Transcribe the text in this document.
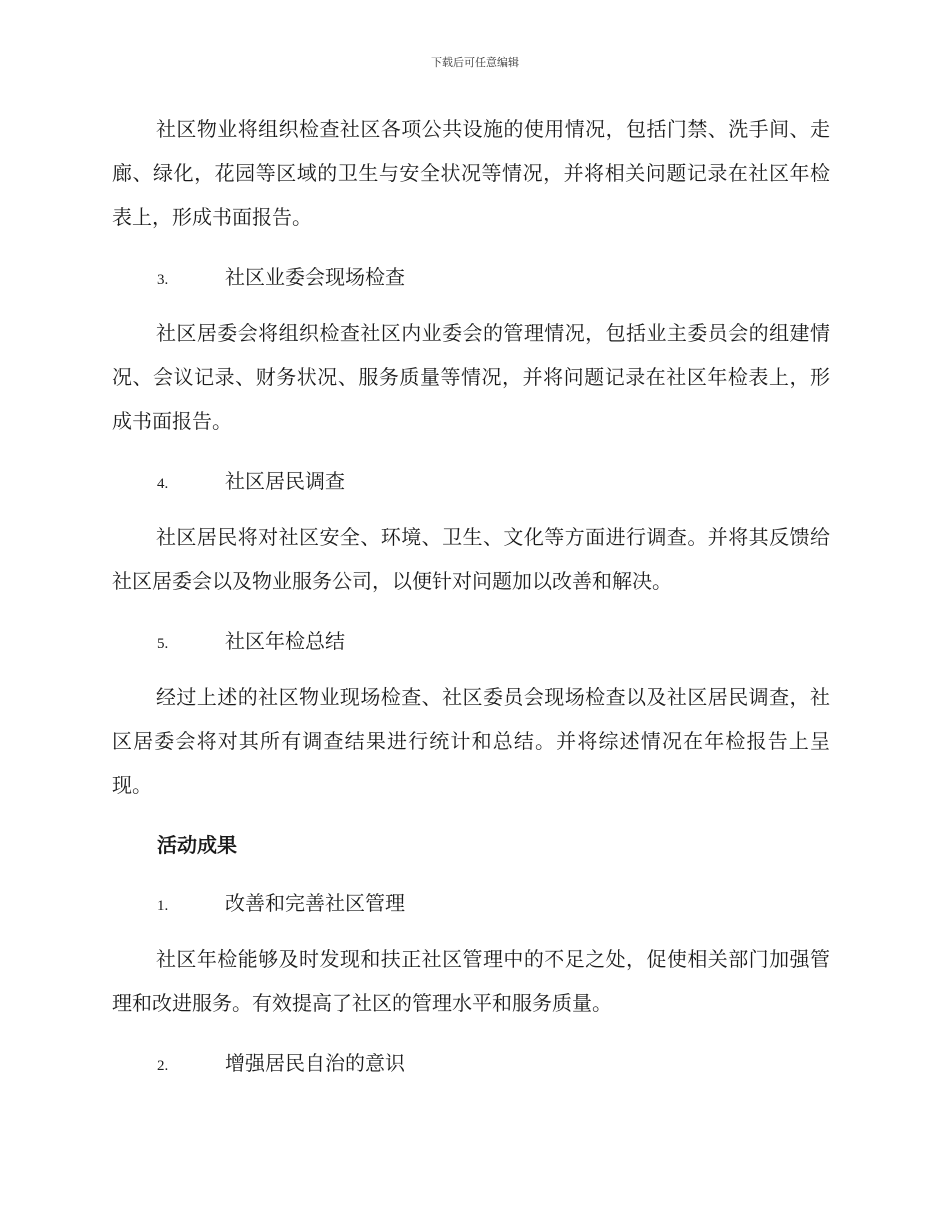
下载后可任意编辑
社区物业将组织检查社区各项公共设施的使用情况，包括门禁、洗手间、走廊、绿化，花园等区域的卫生与安全状况等情况，并将相关问题记录在社区年检表上，形成书面报告。
3.	社区业委会现场检查
社区居委会将组织检查社区内业委会的管理情况，包括业主委员会的组建情况、会议记录、财务状况、服务质量等情况，并将问题记录在社区年检表上，形成书面报告。
4.	社区居民调查
社区居民将对社区安全、环境、卫生、文化等方面进行调查。并将其反馈给社区居委会以及物业服务公司，以便针对问题加以改善和解决。
5.	社区年检总结
经过上述的社区物业现场检查、社区委员会现场检查以及社区居民调查，社区居委会将对其所有调查结果进行统计和总结。并将综述情况在年检报告上呈现。
活动成果
1.	改善和完善社区管理
社区年检能够及时发现和扶正社区管理中的不足之处，促使相关部门加强管理和改进服务。有效提高了社区的管理水平和服务质量。
2.	增强居民自治的意识
